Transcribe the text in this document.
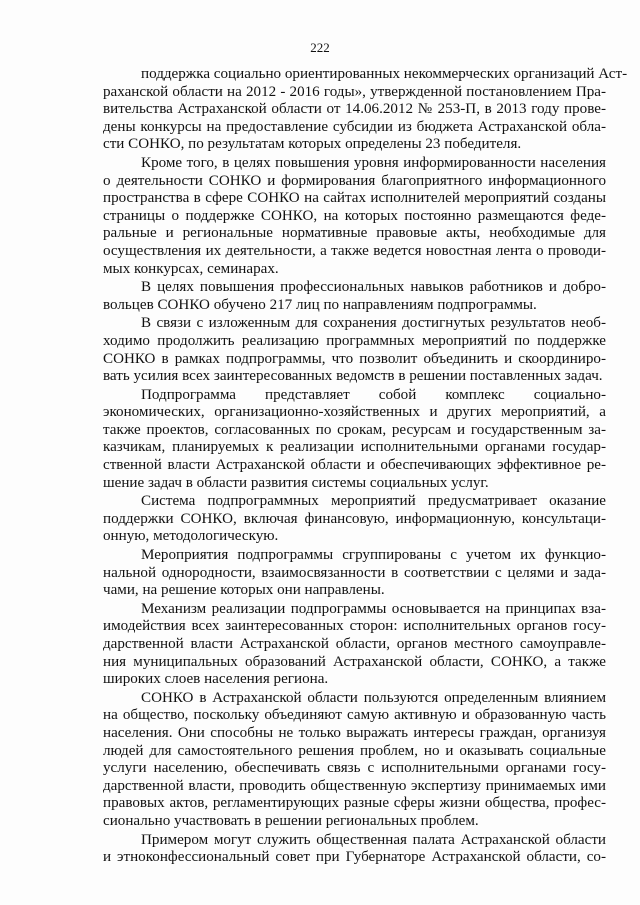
222
поддержка социально ориентированных некоммерческих организаций Аст-
раханской области на 2012 - 2016 годы», утвержденной постановлением Пра-
вительства Астраханской области от 14.06.2012 № 253-П, в 2013 году прове-
дены конкурсы на предоставление субсидии из бюджета Астраханской обла-
сти СОНКО, по результатам которых определены 23 победителя.
Кроме того, в целях повышения уровня информированности населения
о деятельности СОНКО и формирования благоприятного информационного
пространства в сфере СОНКО на сайтах исполнителей мероприятий созданы
страницы о поддержке СОНКО, на которых постоянно размещаются феде-
ральные и региональные нормативные правовые акты, необходимые для
осуществления их деятельности, а также ведется новостная лента о проводи-
мых конкурсах, семинарах.
В целях повышения профессиональных навыков работников и добро-
вольцев СОНКО обучено 217 лиц по направлениям подпрограммы.
В связи с изложенным для сохранения достигнутых результатов необ-
ходимо продолжить реализацию программных мероприятий по поддержке
СОНКО в рамках подпрограммы, что позволит объединить и скоординиро-
вать усилия всех заинтересованных ведомств в решении поставленных задач.
Подпрограмма представляет собой комплекс социально-
экономических, организационно-хозяйственных и других мероприятий, а
также проектов, согласованных по срокам, ресурсам и государственным за-
казчикам, планируемых к реализации исполнительными органами государ-
ственной власти Астраханской области и обеспечивающих эффективное ре-
шение задач в области развития системы социальных услуг.
Система подпрограммных мероприятий предусматривает оказание
поддержки СОНКО, включая финансовую, информационную, консультаци-
онную, методологическую.
Мероприятия подпрограммы сгруппированы с учетом их функцио-
нальной однородности, взаимосвязанности в соответствии с целями и зада-
чами, на решение которых они направлены.
Механизм реализации подпрограммы основывается на принципах вза-
имодействия всех заинтересованных сторон: исполнительных органов госу-
дарственной власти Астраханской области, органов местного самоуправле-
ния муниципальных образований Астраханской области, СОНКО, а также
широких слоев населения региона.
СОНКО в Астраханской области пользуются определенным влиянием
на общество, поскольку объединяют самую активную и образованную часть
населения. Они способны не только выражать интересы граждан, организуя
людей для самостоятельного решения проблем, но и оказывать социальные
услуги населению, обеспечивать связь с исполнительными органами госу-
дарственной власти, проводить общественную экспертизу принимаемых ими
правовых актов, регламентирующих разные сферы жизни общества, профес-
сионально участвовать в решении региональных проблем.
Примером могут служить общественная палата Астраханской области
и этноконфессиональный совет при Губернаторе Астраханской области, со-
